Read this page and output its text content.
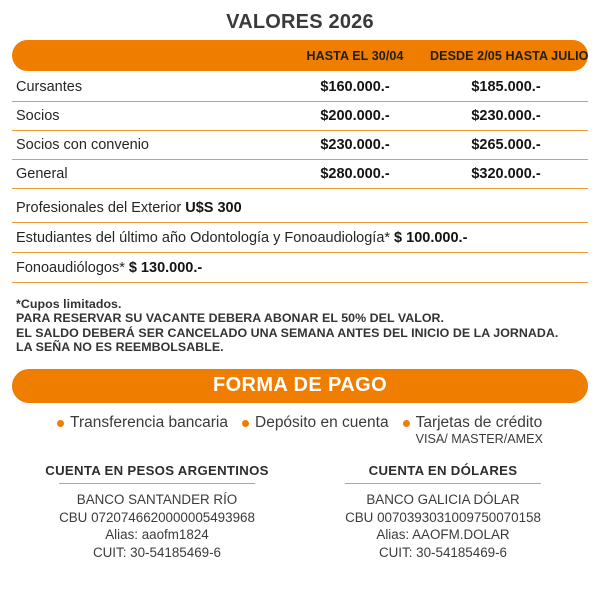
VALORES 2026
HASTA EL 30/04	DESDE 2/05 HASTA JULIO
Cursantes	$160.000.-	$185.000.-
Socios	$200.000.-	$230.000.-
Socios con convenio	$230.000.-	$265.000.-
General	$280.000.-	$320.000.-
Profesionales del Exterior U$S 300
Estudiantes del último año Odontología y Fonoaudiología* $ 100.000.-
Fonoaudiólogos* $ 130.000.-
*Cupos limitados.
PARA RESERVAR SU VACANTE DEBERA ABONAR EL 50% DEL VALOR.
EL SALDO DEBERÁ SER CANCELADO UNA SEMANA ANTES DEL INICIO DE LA JORNADA.
LA SEÑA NO ES REEMBOLSABLE.
FORMA DE PAGO
Transferencia bancaria Depósito en cuenta Tarjetas de crédito
VISA/ MASTER/AMEX
CUENTA EN PESOS ARGENTINOS
BANCO SANTANDER RÍO
CBU 0720746620000005493968
Alias: aaofm1824
CUIT: 30-54185469-6
CUENTA EN DÓLARES
BANCO GALICIA DÓLAR
CBU 0070393031009750070158
Alias: AAOFM.DOLAR
CUIT: 30-54185469-6
